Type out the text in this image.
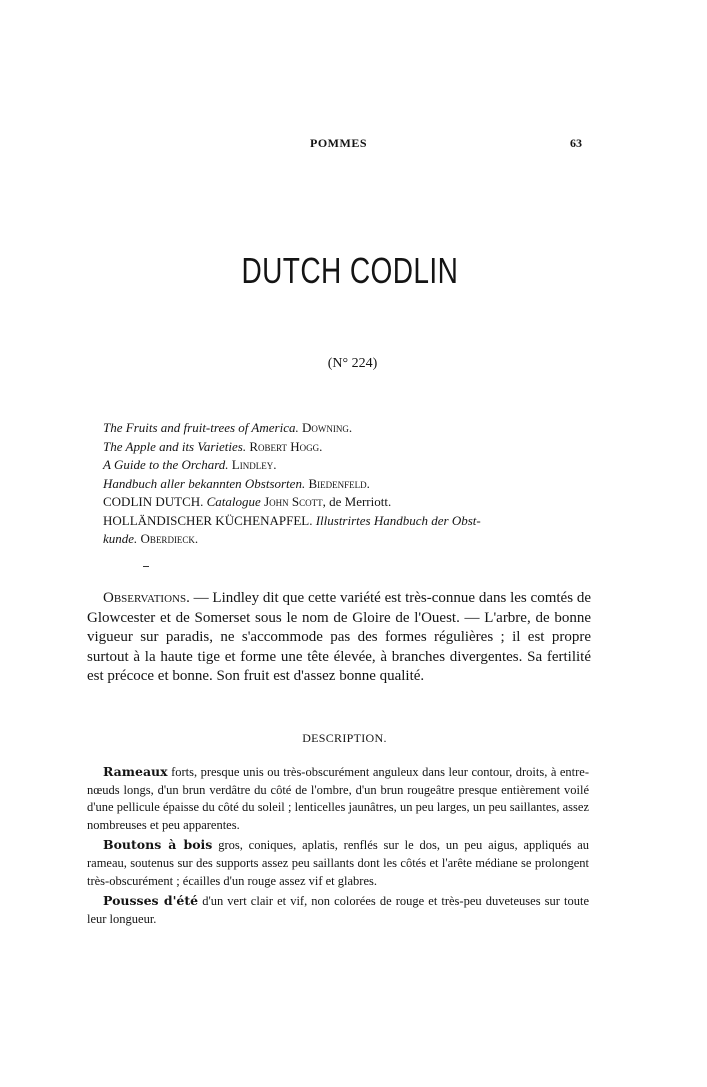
POMMES	63
DUTCH CODLIN
(N° 224)
The Fruits and fruit-trees of America. Downing.
The Apple and its Varieties. Robert Hogg.
A Guide to the Orchard. Lindley.
Handbuch aller bekannten Obstsorten. Biedenfeld.
CODLIN DUTCH. Catalogue John Scott, de Merriott.
HOLLÄNDISCHER KÜCHENAPFEL. Illustrirtes Handbuch der Obst-
kunde. Oberdieck.

Observations. — Lindley dit que cette variété est très-connue dans les comtés de Glowcester et de Somerset sous le nom de Gloire de l'Ouest. — L'arbre, de bonne vigueur sur paradis, ne s'accommode pas des formes régulières ; il est propre surtout à la haute tige et forme une tête élevée, à branches divergentes. Sa fertilité est précoce et bonne. Son fruit est d'assez bonne qualité.

DESCRIPTION.

Rameaux forts, presque unis ou très-obscurément anguleux dans leur contour, droits, à entre-nœuds longs, d'un brun verdâtre du côté de l'ombre, d'un brun rougeâtre presque entièrement voilé d'une pellicule épaisse du côté du soleil ; lenticelles jaunâtres, un peu larges, un peu saillantes, assez nombreuses et peu apparentes.

Boutons à bois gros, coniques, aplatis, renflés sur le dos, un peu aigus, appliqués au rameau, soutenus sur des supports assez peu saillants dont les côtés et l'arête médiane se prolongent très-obscurément ; écailles d'un rouge assez vif et glabres.

Pousses d'été d'un vert clair et vif, non colorées de rouge et très-peu duveteuses sur toute leur longueur.
